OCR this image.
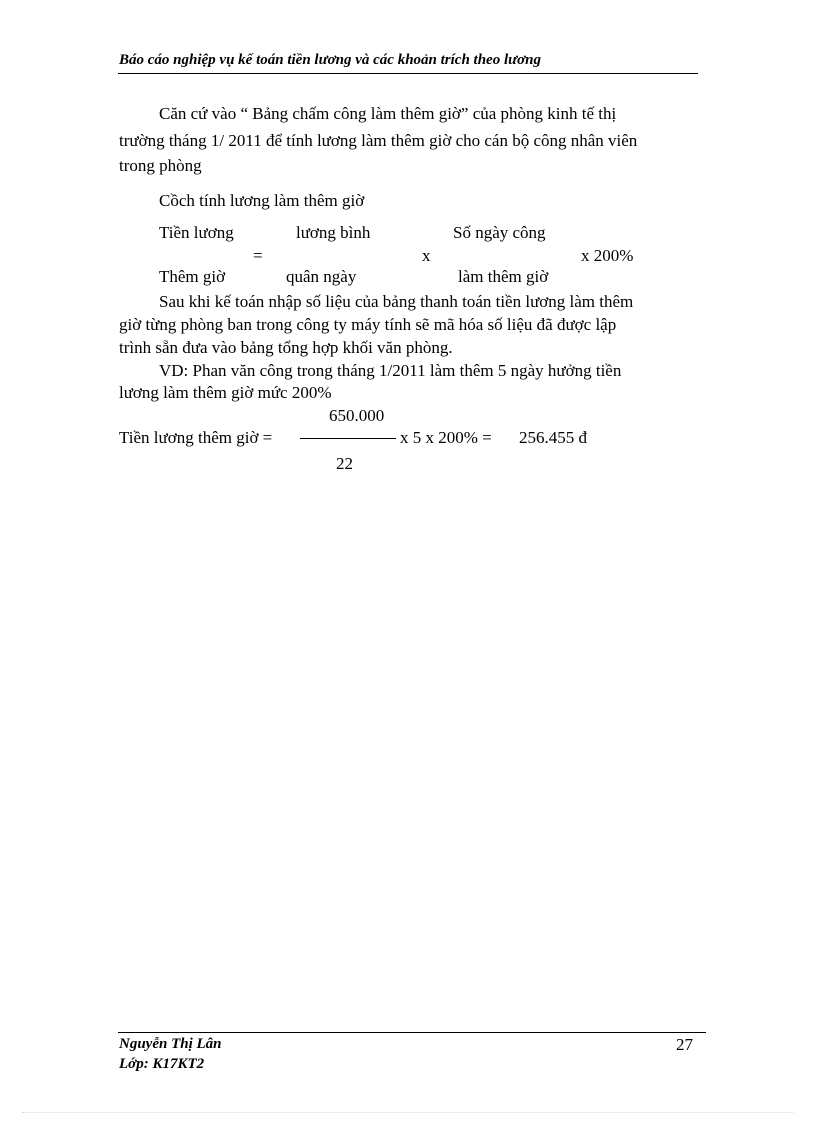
Báo cáo nghiệp vụ kế toán tiền lương và các khoản trích theo lương
Căn cứ vào “ Bảng chấm công làm thêm giờ” của phòng kinh tế thị
trường tháng 1/ 2011 để tính lương làm thêm giờ cho cán bộ công nhân viên
trong phòng
Cồch tính lương làm thêm giờ
Tiền lương	lương bình	Số ngày công
=	x	x 200%
Thêm giờ	quân ngày	làm thêm giờ
Sau khi kế toán nhập số liệu của bảng thanh toán tiền lương làm thêm
giờ từng phòng ban trong công ty máy tính sẽ mã hóa số liệu đã được lập
trình sẵn đưa vào bảng tổng hợp khối văn phòng.
VD: Phan văn công trong tháng 1/2011 làm thêm 5 ngày hưởng tiền
lương làm thêm giờ mức 200%
650.000
Tiền lương thêm giờ =	x 5 x 200% = 256.455 đ
22
Nguyễn Thị Lân
Lớp: K17KT2
27
